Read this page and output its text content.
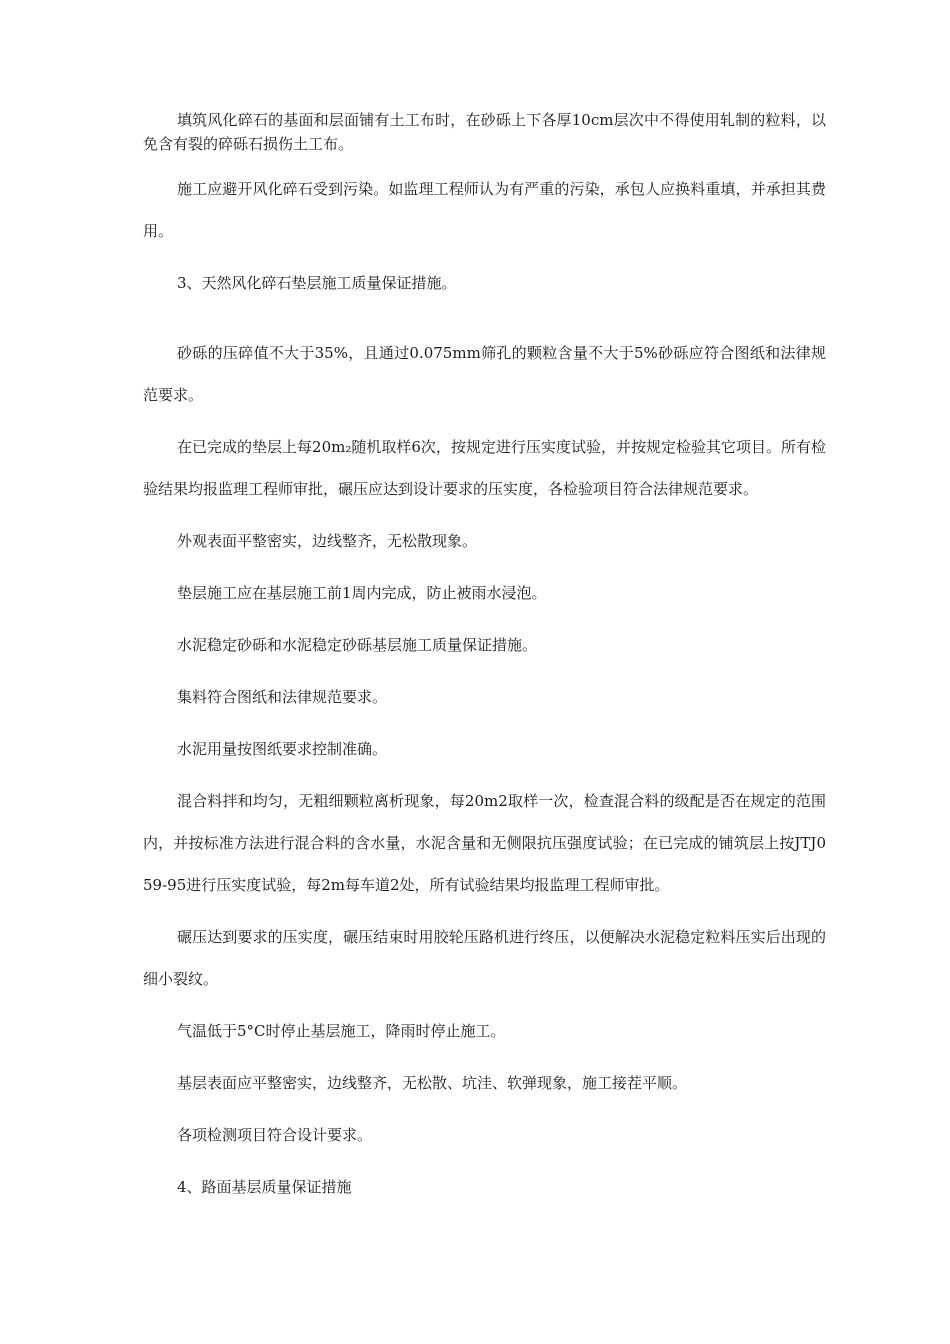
填筑风化碎石的基面和层面铺有土工布时，在砂砾上下各厚10cm层次中不得使用轧制的粒料，以免含有裂的碎砾石损伤土工布。

施工应避开风化碎石受到污染。如监理工程师认为有严重的污染，承包人应换料重填，并承担其费用。

3、天然风化碎石垫层施工质量保证措施。

砂砾的压碎值不大于35%，且通过0.075mm筛孔的颗粒含量不大于5%砂砾应符合图纸和法律规范要求。

在已完成的垫层上每20m₂随机取样6次，按规定进行压实度试验，并按规定检验其它项目。所有检验结果均报监理工程师审批，碾压应达到设计要求的压实度，各检验项目符合法律规范要求。

外观表面平整密实，边线整齐，无松散现象。

垫层施工应在基层施工前1周内完成，防止被雨水浸泡。

水泥稳定砂砾和水泥稳定砂砾基层施工质量保证措施。

集料符合图纸和法律规范要求。

水泥用量按图纸要求控制准确。

混合料拌和均匀，无粗细颗粒离析现象，每20m2取样一次，检查混合料的级配是否在规定的范围内，并按标准方法进行混合料的含水量，水泥含量和无侧限抗压强度试验；在已完成的铺筑层上按JTJ059-95进行压实度试验，每2m每车道2处，所有试验结果均报监理工程师审批。

碾压达到要求的压实度，碾压结束时用胶轮压路机进行终压，以便解决水泥稳定粒料压实后出现的细小裂纹。

气温低于5°C时停止基层施工，降雨时停止施工。

基层表面应平整密实，边线整齐，无松散、坑洼、软弹现象，施工接茬平顺。

各项检测项目符合设计要求。

4、路面基层质量保证措施
